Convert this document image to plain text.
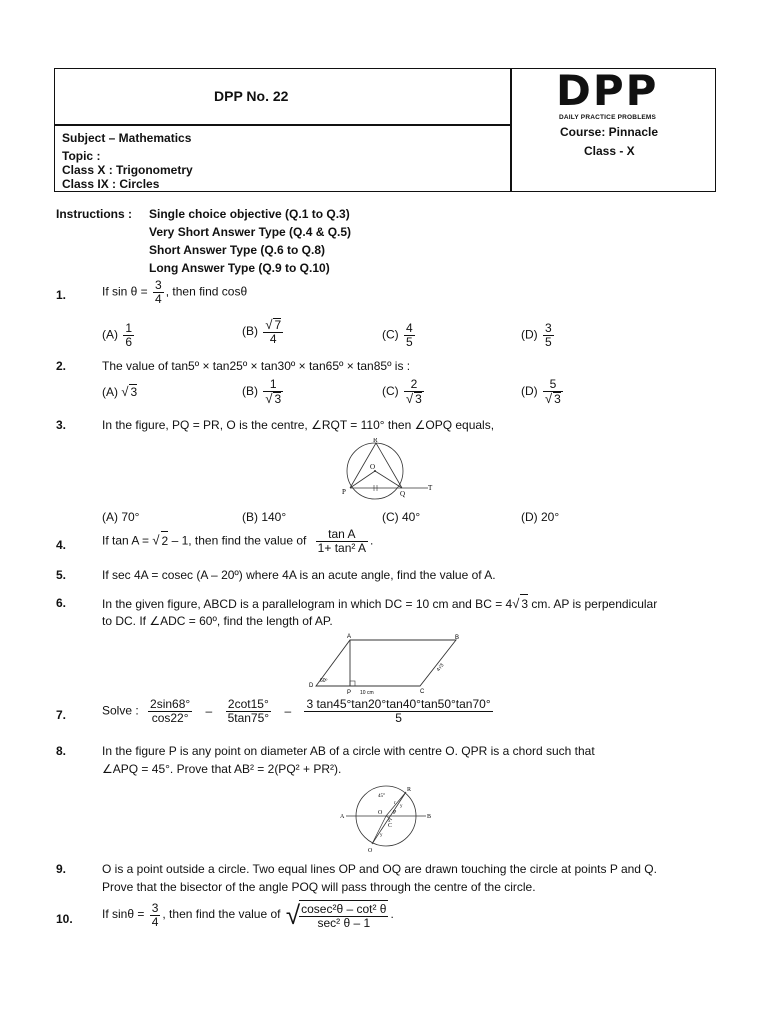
DPP No. 22
Subject – Mathematics
Topic :
Class X : Trigonometry
Class IX : Circles
DPP
DAILY PRACTICE PROBLEMS
Course: Pinnacle
Class - X
Instructions : Single choice objective (Q.1 to Q.3)
Very Short Answer Type (Q.4 & Q.5)
Short Answer Type (Q.6 to Q.8)
Long Answer Type (Q.9 to Q.10)
1.	If $\sin \theta = \frac{3}{4}$ , then find cosθ
$(A) \frac{1}{6}$	$(B) \frac{√ 7}{4}$	$(C) \frac{4}{5}$	$(D) \frac{3}{5}$
2.	The value of tan5º × tan25º × tan30º × tan65º × tan85º is :
(A) √ 3	$(B) \frac{1}{√ 3}$	$(C) \frac{2}{√ 3}$	$(D) \frac{5}{√ 3}$
3.	In the figure, PQ = PR, O is the centre, ∠RQT = 110° then ∠OPQ equals,
R
O
P	Q
T
(A) 70°	(B) 140°	(C) 40°	(D) 20°
4.	If tan A = √ 2 – 1, then find the value of $\frac{\text{tan A}}{\text{1+ tan² A}}$ .
5.	If sec 4A = cosec (A – 20º) where 4A is an acute angle, find the value of A.
6.	In the given figure, ABCD is a parallelogram in which DC = 10 cm and BC = 4√ 3 cm. AP is perpendicular
to DC. If ∠ADC = 60º, find the length of AP.
A	B
C
D
P
60º
10 cm
4√3
7.	Solve : $\frac{2\sin 68^\circ}{\cos 22^\circ} - \frac{2\cot 15^\circ}{5\tan 75^\circ} - \frac{3 \tan 45^\circ\tan 20^\circ\tan 40^\circ\tan 50^\circ\tan 70^\circ}{5}$
8.	In the figure P is any point on diameter AB of a circle with centre O. QPR is a chord such that
∠APQ = 45°. Prove that AB² = 2(PQ² + PR²).
A	B
O P
Q
R
C
45°
x
y
y
r
9.	O is a point outside a circle. Two equal lines OP and OQ are drawn touching the circle at points P and Q.
Prove that the bisector of the angle POQ will pass through the centre of the circle.
10. If $\sin\theta = \frac{3}{4}$ , then find the value of √ $\frac{\text{cosec²θ – cot² θ}}{\text{sec² θ – 1}}$ .
